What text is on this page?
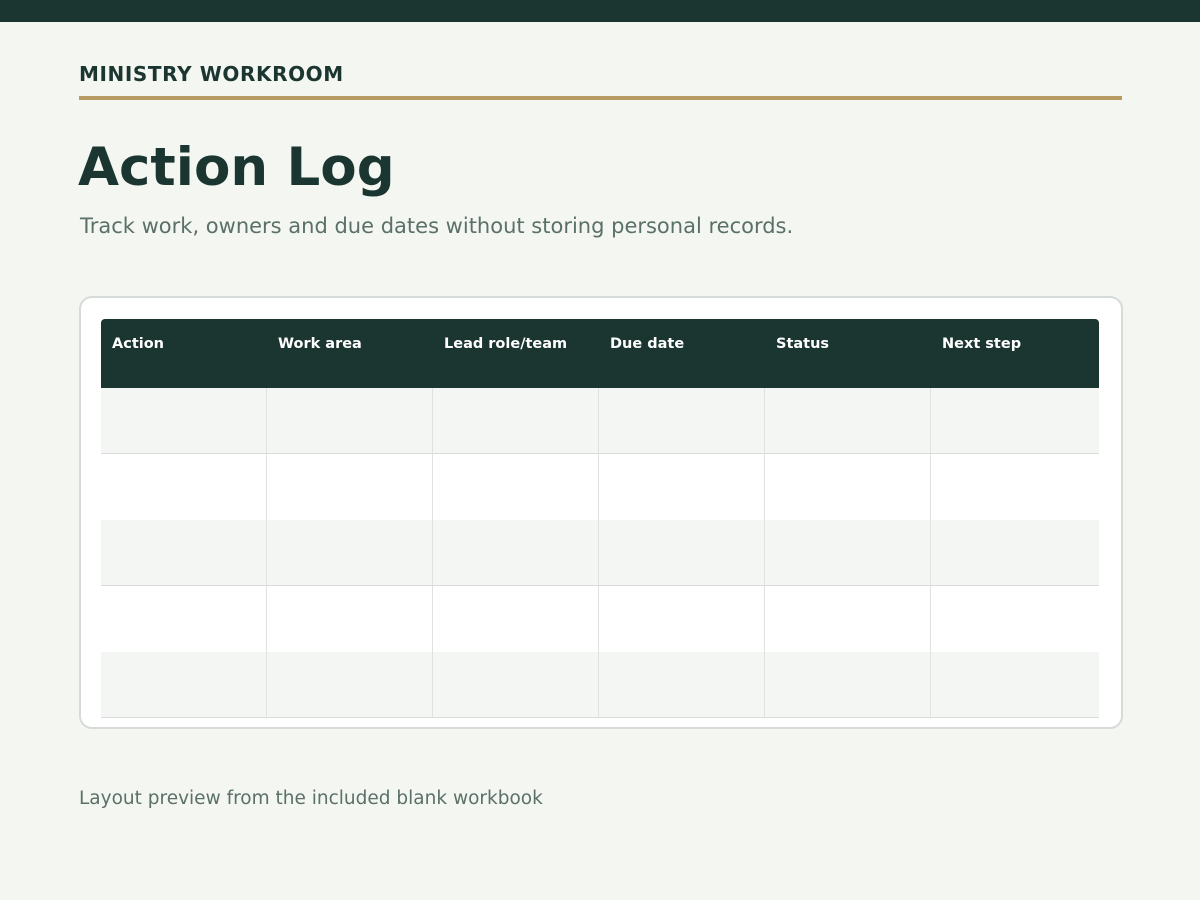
MINISTRY WORKROOM
Action Log
Track work, owners and due dates without storing personal records.
Action	Work area	Lead role/team	Due date	Status	Next step
Layout preview from the included blank workbook
